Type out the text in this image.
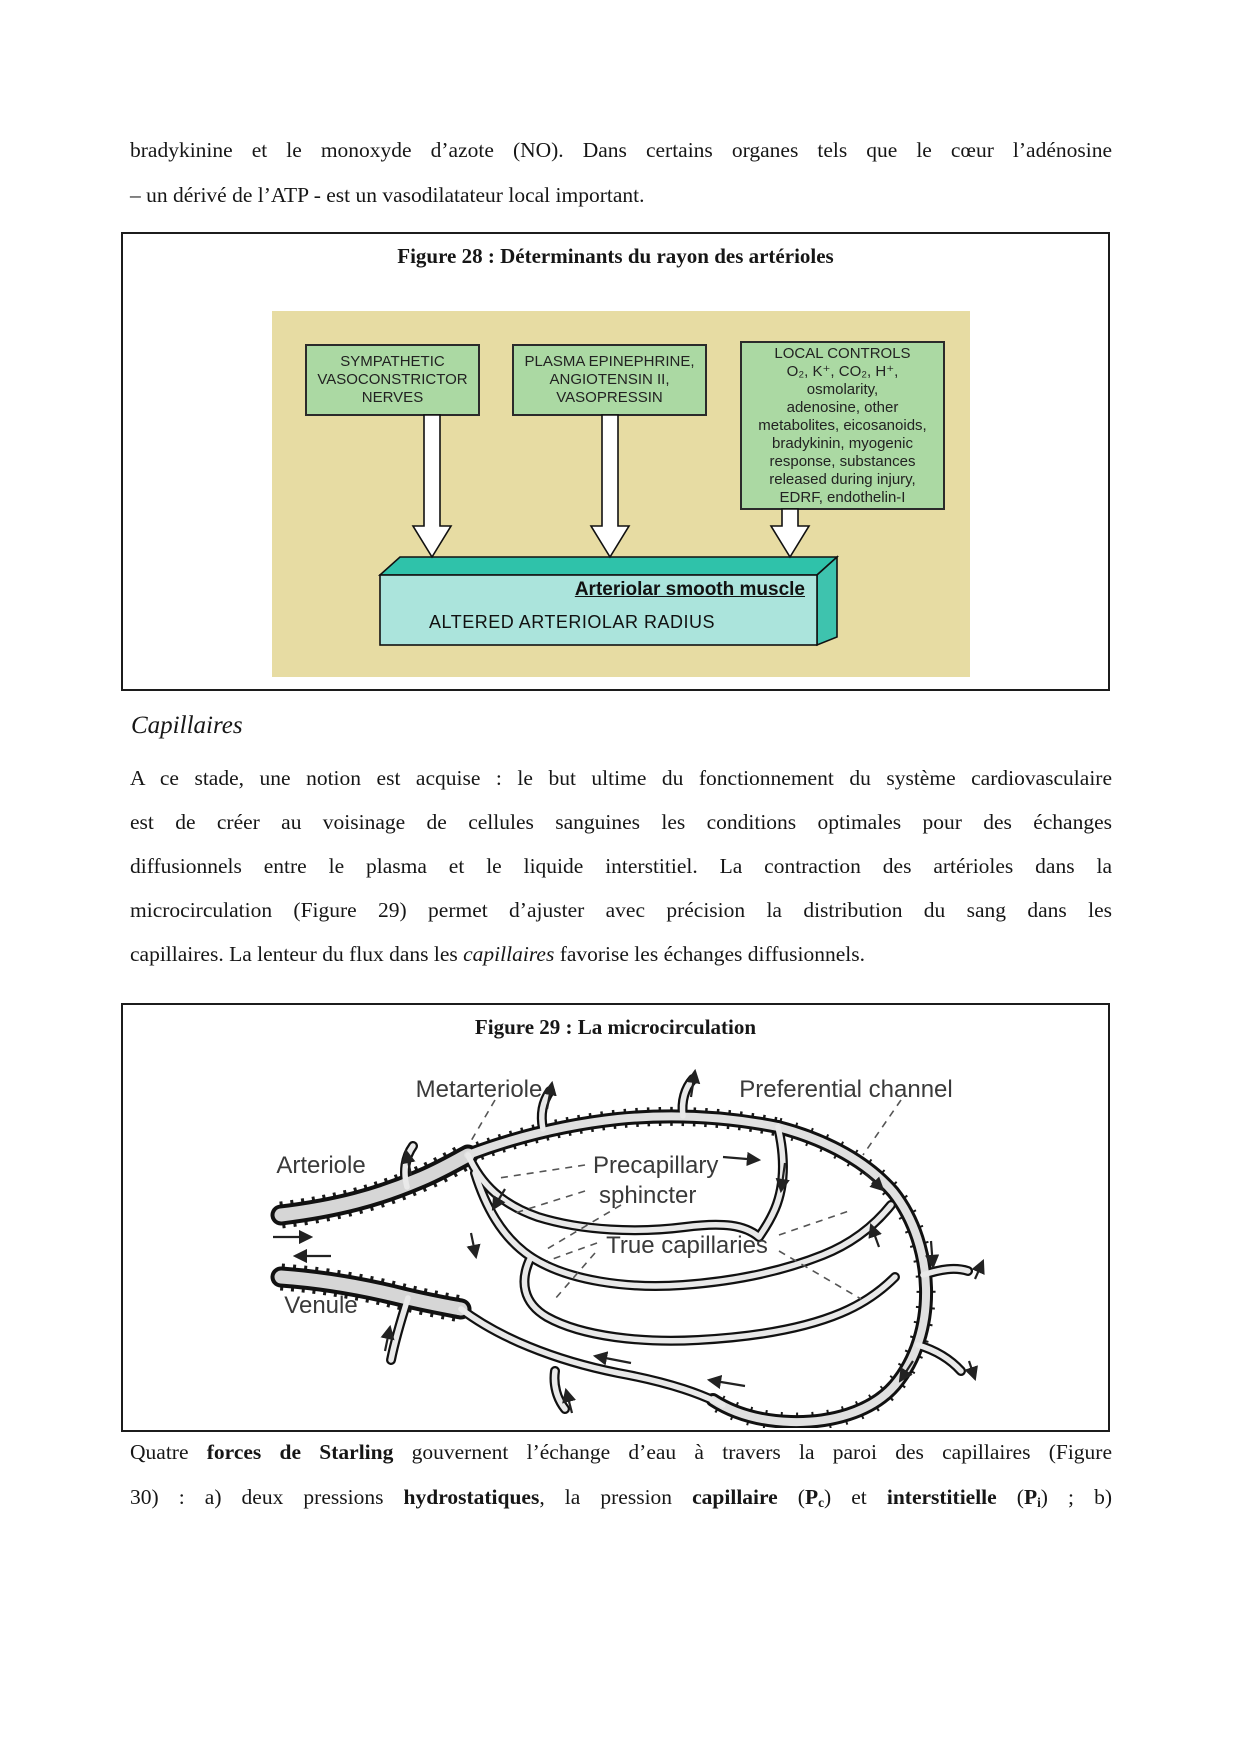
bradykinine et le monoxyde d’azote (NO). Dans certains organes tels que le cœur l’adénosine
– un dérivé de l’ATP - est un vasodilatateur local important.
Figure 28 : Déterminants du rayon des artérioles
SYMPATHETIC
VASOCONSTRICTOR
NERVES
PLASMA EPINEPHRINE,
ANGIOTENSIN II,
VASOPRESSIN
LOCAL CONTROLS
O₂, K⁺, CO₂, H⁺,
osmolarity,
adenosine, other
metabolites, eicosanoids,
bradykinin, myogenic
response, substances
released during injury,
EDRF, endothelin-I
Arteriolar smooth muscle
ALTERED ARTERIOLAR RADIUS
Capillaires
A ce stade, une notion est acquise : le but ultime du fonctionnement du système cardiovasculaire
est de créer au voisinage de cellules sanguines les conditions optimales pour des échanges
diffusionnels entre le plasma et le liquide interstitiel. La contraction des artérioles dans la
microcirculation (Figure 29) permet d’ajuster avec précision la distribution du sang dans les
capillaires. La lenteur du flux dans les capillaires favorise les échanges diffusionnels.
Figure 29 : La microcirculation
Metarteriole	Preferential channel
Arteriole	Precapillary
sphincter
True capillaries
Venule
Quatre forces de Starling gouvernent l’échange d’eau à travers la paroi des capillaires (Figure
30) : a) deux pressions hydrostatiques, la pression capillaire (Pc) et interstitielle (Pi) ; b)
